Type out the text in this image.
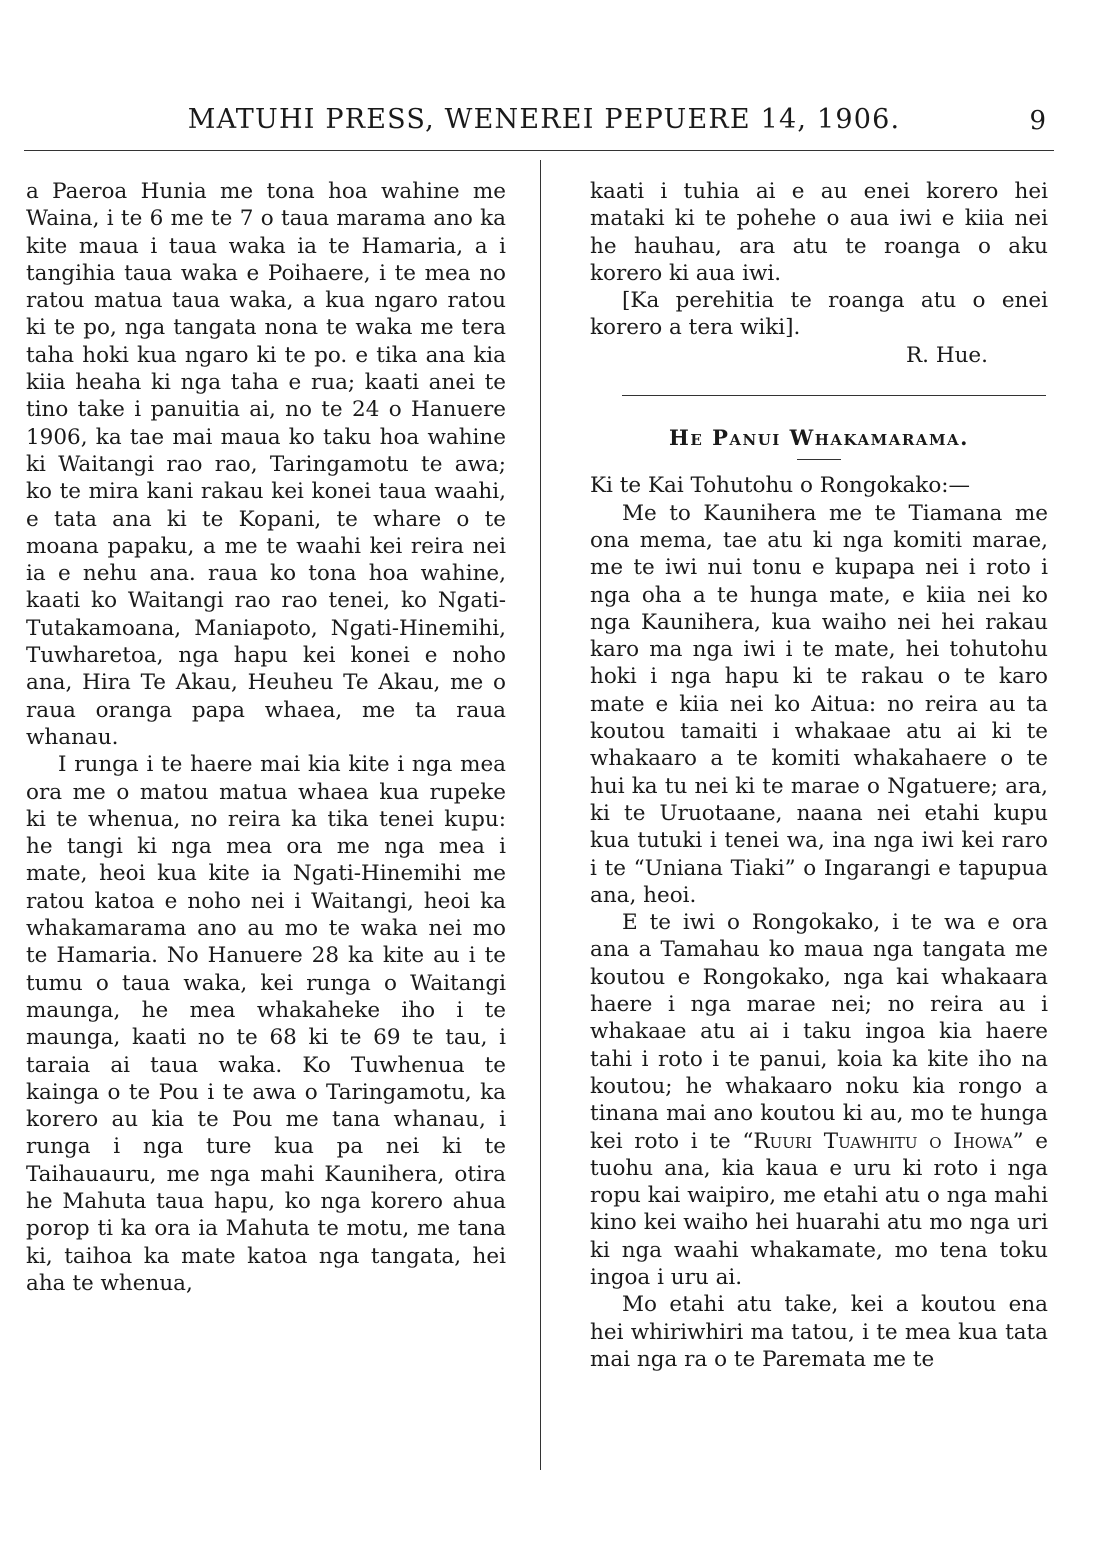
MATUHI PRESS, WENEREI PEPUERE 14, 1906.	9

a Paeroa Hunia me tona hoa wahine me Waina, i te 6 me te 7 o taua marama ano ka kite maua i taua waka ia te Hamaria, a i tangihia taua waka e Poihaere, i te mea no ratou matua taua waka, a kua ngaro ratou ki te po, nga tangata nona te waka me tera taha hoki kua ngaro ki te po. e tika ana kia kiia heaha ki nga taha e rua; kaati anei te tino take i panuitia ai, no te 24 o Hanuere 1906, ka tae mai maua ko taku hoa wahine ki Waitangi rao rao, Taringamotu te awa; ko te mira kani rakau kei konei taua waahi, e tata ana ki te Kopani, te whare o te moana papaku, a me te waahi kei reira nei ia e nehu ana. raua ko tona hoa wahine, kaati ko Waitangi rao rao tenei, ko Ngati-Tutakamoana, Maniapoto, Ngati-Hinemihi, Tuwharetoa, nga hapu kei konei e noho ana, Hira Te Akau, Heuheu Te Akau, me o raua oranga papa whaea, me ta raua whanau.

I runga i te haere mai kia kite i nga mea ora me o matou matua whaea kua rupeke ki te whenua, no reira ka tika tenei kupu: he tangi ki nga mea ora me nga mea i mate, heoi kua kite ia Ngati-Hinemihi me ratou katoa e noho nei i Waitangi, heoi ka whakamarama ano au mo te waka nei mo te Hamaria. No Hanuere 28 ka kite au i te tumu o taua waka, kei runga o Waitangi maunga, he mea whakaheke iho i te maunga, kaati no te 68 ki te 69 te tau, i taraia ai taua waka. Ko Tuwhenua te kainga o te Pou i te awa o Taringamotu, ka korero au kia te Pou me tana whanau, i runga i nga ture kua pa nei ki te Taihauauru, me nga mahi Kaunihera, otira he Mahuta taua hapu, ko nga korero ahua porop ti ka ora ia Mahuta te motu, me tana ki, taihoa ka mate katoa nga tangata, hei aha te whenua,

kaati i tuhia ai e au enei korero hei mataki ki te pohehe o aua iwi e kiia nei he hauhau, ara atu te roanga o aku korero ki aua iwi.

[Ka perehitia te roanga atu o enei korero a tera wiki].

R. Hue.

He Panui Whakamarama.

Ki te Kai Tohutohu o Rongokako:—

Me to Kaunihera me te Tiamana me ona mema, tae atu ki nga komiti marae, me te iwi nui tonu e kupapa nei i roto i nga oha a te hunga mate, e kiia nei ko nga Kaunihera, kua waiho nei hei rakau karo ma nga iwi i te mate, hei tohutohu hoki i nga hapu ki te rakau o te karo mate e kiia nei ko Aitua: no reira au ta koutou tamaiti i whakaae atu ai ki te whakaaro a te komiti whakahaere o te hui ka tu nei ki te marae o Ngatuere; ara, ki te Uruotaane, naana nei etahi kupu kua tutuki i tenei wa, ina nga iwi kei raro i te “Uniana Tiaki” o Ingarangi e tapupua ana, heoi.

E te iwi o Rongokako, i te wa e ora ana a Tamahau ko maua nga tangata me koutou e Rongokako, nga kai whakaara haere i nga marae nei; no reira au i whakaae atu ai i taku ingoa kia haere tahi i roto i te panui, koia ka kite iho na koutou; he whakaaro noku kia rongo a tinana mai ano koutou ki au, mo te hunga kei roto i te “Ruuri Tuawhitu o Ihowa” e tuohu ana, kia kaua e uru ki roto i nga ropu kai waipiro, me etahi atu o nga mahi kino kei waiho hei huarahi atu mo nga uri ki nga waahi whakamate, mo tena toku ingoa i uru ai.

Mo etahi atu take, kei a koutou ena hei whiriwhiri ma tatou, i te mea kua tata mai nga ra o te Paremata me te
